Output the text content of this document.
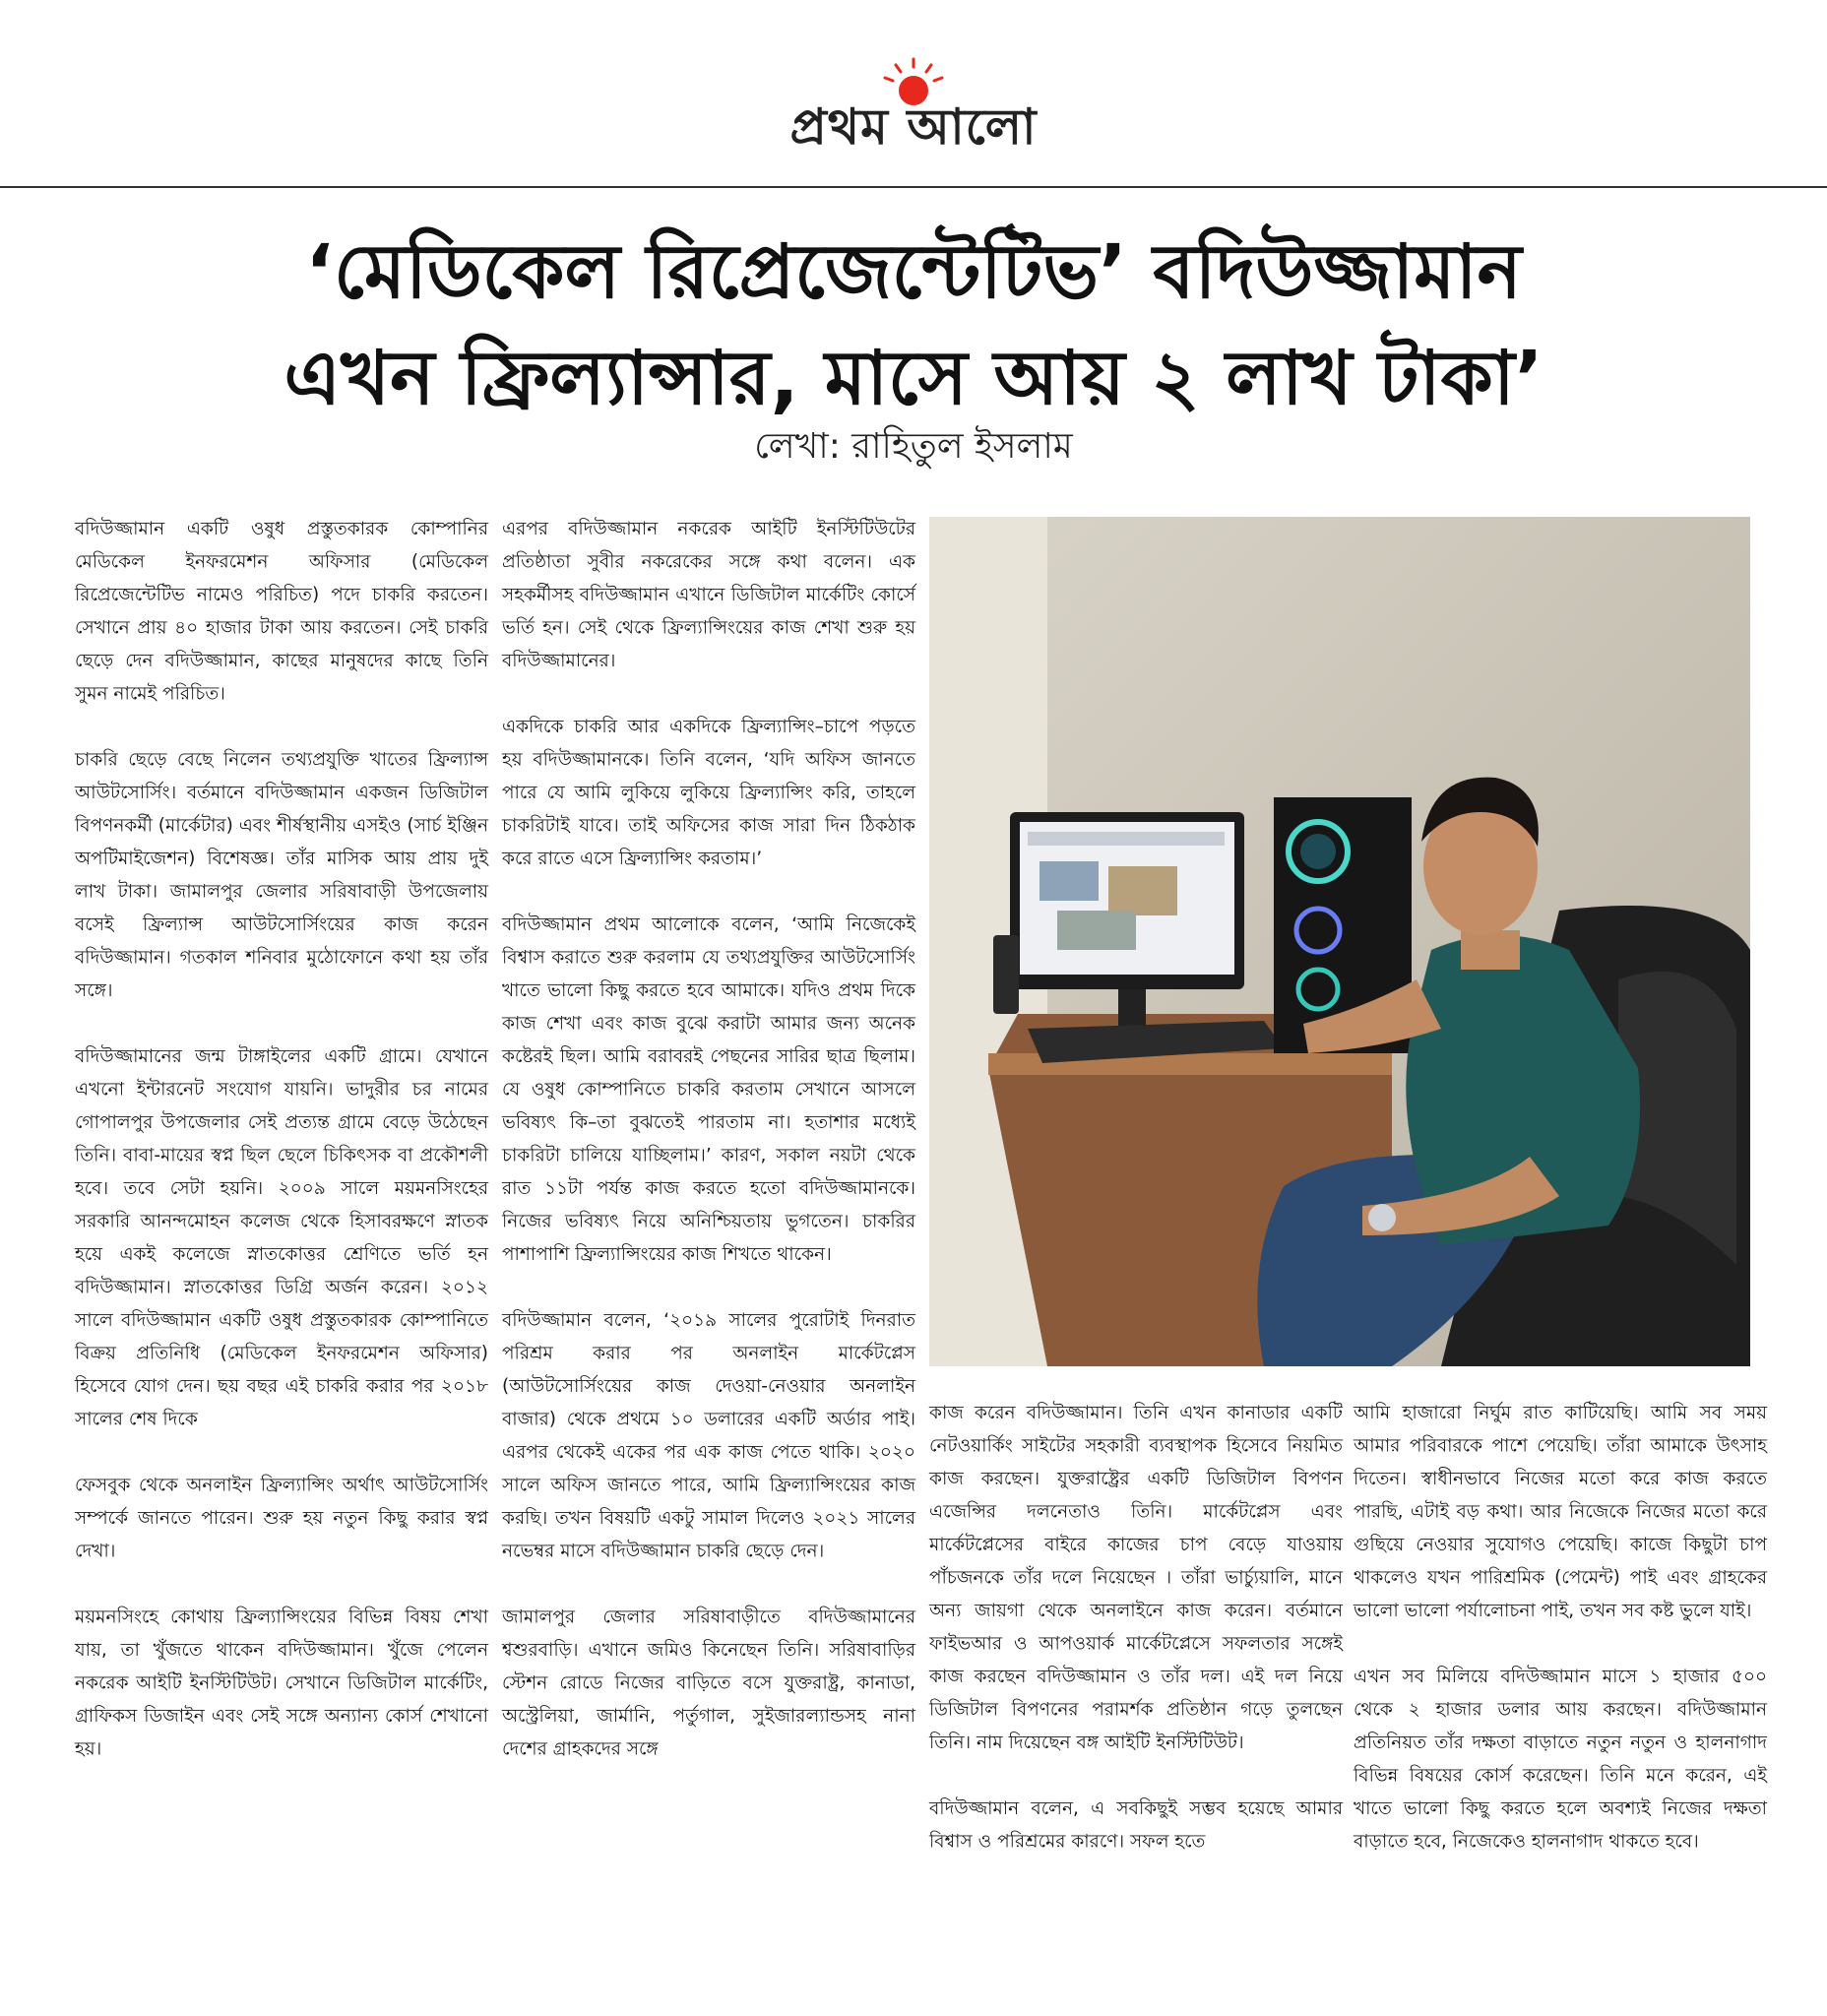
প্রথম আলো
‘মেডিকেল রিপ্রেজেন্টেটিভ’ বদিউজ্জামান
এখন ফ্রিল্যান্সার, মাসে আয় ২ লাখ টাকা’
লেখা: রাহিতুল ইসলাম

বদিউজ্জামান একটি ওষুধ প্রস্তুতকারক কোম্পানির মেডিকেল ইনফরমেশন অফিসার (মেডিকেল রিপ্রেজেন্টেটিভ নামেও পরিচিত) পদে চাকরি করতেন। সেখানে প্রায় ৪০ হাজার টাকা আয় করতেন। সেই চাকরি ছেড়ে দেন বদিউজ্জামান, কাছের মানুষদের কাছে তিনি সুমন নামেই পরিচিত।

চাকরি ছেড়ে বেছে নিলেন তথ্যপ্রযুক্তি খাতের ফ্রিল্যান্স আউটসোর্সিং। বর্তমানে বদিউজ্জামান একজন ডিজিটাল বিপণনকর্মী (মার্কেটার) এবং শীর্ষস্থানীয় এসইও (সার্চ ইঞ্জিন অপটিমাইজেশন) বিশেষজ্ঞ। তাঁর মাসিক আয় প্রায় দুই লাখ টাকা। জামালপুর জেলার সরিষাবাড়ী উপজেলায় বসেই ফ্রিল্যান্স আউটসোর্সিংয়ের কাজ করেন বদিউজ্জামান। গতকাল শনিবার মুঠোফোনে কথা হয় তাঁর সঙ্গে।

বদিউজ্জামানের জন্ম টাঙ্গাইলের একটি গ্রামে। যেখানে এখনো ইন্টারনেট সংযোগ যায়নি। ভাদুরীর চর নামের গোপালপুর উপজেলার সেই প্রত্যন্ত গ্রামে বেড়ে উঠেছেন তিনি। বাবা-মায়ের স্বপ্ন ছিল ছেলে চিকিৎসক বা প্রকৌশলী হবে। তবে সেটা হয়নি। ২০০৯ সালে ময়মনসিংহের সরকারি আনন্দমোহন কলেজ থেকে হিসাবরক্ষণে স্নাতক হয়ে একই কলেজে স্নাতকোত্তর শ্রেণিতে ভর্তি হন বদিউজ্জামান। স্নাতকোত্তর ডিগ্রি অর্জন করেন। ২০১২ সালে বদিউজ্জামান একটি ওষুধ প্রস্তুতকারক কোম্পানিতে বিক্রয় প্রতিনিধি (মেডিকেল ইনফরমেশন অফিসার) হিসেবে যোগ দেন। ছয় বছর এই চাকরি করার পর ২০১৮ সালের শেষ দিকে

ফেসবুক থেকে অনলাইন ফ্রিল্যান্সিং অর্থাৎ আউটসোর্সিং সম্পর্কে জানতে পারেন। শুরু হয় নতুন কিছু করার স্বপ্ন দেখা।

ময়মনসিংহে কোথায় ফ্রিল্যান্সিংয়ের বিভিন্ন বিষয় শেখা যায়, তা খুঁজতে থাকেন বদিউজ্জামান। খুঁজে পেলেন নকরেক আইটি ইনস্টিটিউট। সেখানে ডিজিটাল মার্কেটিং, গ্রাফিকস ডিজাইন এবং সেই সঙ্গে অন্যান্য কোর্স শেখানো হয়।

এরপর বদিউজ্জামান নকরেক আইটি ইনস্টিটিউটের প্রতিষ্ঠাতা সুবীর নকরেকের সঙ্গে কথা বলেন। এক সহকর্মীসহ বদিউজ্জামান এখানে ডিজিটাল মার্কেটিং কোর্সে ভর্তি হন। সেই থেকে ফ্রিল্যান্সিংয়ের কাজ শেখা শুরু হয় বদিউজ্জামানের।

একদিকে চাকরি আর একদিকে ফ্রিল্যান্সিং–চাপে পড়তে হয় বদিউজ্জামানকে। তিনি বলেন, ‘যদি অফিস জানতে পারে যে আমি লুকিয়ে লুকিয়ে ফ্রিল্যান্সিং করি, তাহলে চাকরিটাই যাবে। তাই অফিসের কাজ সারা দিন ঠিকঠাক করে রাতে এসে ফ্রিল্যান্সিং করতাম।’

বদিউজ্জামান প্রথম আলোকে বলেন, ‘আমি নিজেকেই বিশ্বাস করাতে শুরু করলাম যে তথ্যপ্রযুক্তির আউটসোর্সিং খাতে ভালো কিছু করতে হবে আমাকে। যদিও প্রথম দিকে কাজ শেখা এবং কাজ বুঝে করাটা আমার জন্য অনেক কষ্টেরই ছিল। আমি বরাবরই পেছনের সারির ছাত্র ছিলাম। যে ওষুধ কোম্পানিতে চাকরি করতাম সেখানে আসলে ভবিষ্যৎ কি–তা বুঝতেই পারতাম না। হতাশার মধ্যেই চাকরিটা চালিয়ে যাচ্ছিলাম।’ কারণ, সকাল নয়টা থেকে রাত ১১টা পর্যন্ত কাজ করতে হতো বদিউজ্জামানকে। নিজের ভবিষ্যৎ নিয়ে অনিশ্চিয়তায় ভুগতেন। চাকরির পাশাপাশি ফ্রিল্যান্সিংয়ের কাজ শিখতে থাকেন।

বদিউজ্জামান বলেন, ‘২০১৯ সালের পুরোটাই দিনরাত পরিশ্রম করার পর অনলাইন মার্কেটপ্লেস (আউটসোর্সিংয়ের কাজ দেওয়া-নেওয়ার অনলাইন বাজার) থেকে প্রথমে ১০ ডলারের একটি অর্ডার পাই। এরপর থেকেই একের পর এক কাজ পেতে থাকি। ২০২০ সালে অফিস জানতে পারে, আমি ফ্রিল্যান্সিংয়ের কাজ করছি। তখন বিষয়টি একটু সামাল দিলেও ২০২১ সালের নভেম্বর মাসে বদিউজ্জামান চাকরি ছেড়ে দেন।

জামালপুর জেলার সরিষাবাড়ীতে বদিউজ্জামানের শ্বশুরবাড়ি। এখানে জমিও কিনেছেন তিনি। সরিষাবাড়ির স্টেশন রোডে নিজের বাড়িতে বসে যুক্তরাষ্ট্র, কানাডা, অস্ট্রেলিয়া, জার্মানি, পর্তুগাল, সুইজারল্যান্ডসহ নানা দেশের গ্রাহকদের সঙ্গে

কাজ করেন বদিউজ্জামান। তিনি এখন কানাডার একটি নেটওয়ার্কিং সাইটের সহকারী ব্যবস্থাপক হিসেবে নিয়মিত কাজ করছেন। যুক্তরাষ্ট্রের একটি ডিজিটাল বিপণন এজেন্সির দলনেতাও তিনি। মার্কেটপ্লেস এবং মার্কেটপ্লেসের বাইরে কাজের চাপ বেড়ে যাওয়ায় পাঁচজনকে তাঁর দলে নিয়েছেন । তাঁরা ভার্চ্যুয়ালি, মানে অন্য জায়গা থেকে অনলাইনে কাজ করেন। বর্তমানে ফাইভআর ও আপওয়ার্ক মার্কেটপ্লেসে সফলতার সঙ্গেই কাজ করছেন বদিউজ্জামান ও তাঁর দল। এই দল নিয়ে ডিজিটাল বিপণনের পরামর্শক প্রতিষ্ঠান গড়ে তুলছেন তিনি। নাম দিয়েছেন বঙ্গ আইটি ইনস্টিটিউট।

বদিউজ্জামান বলেন, এ সবকিছুই সম্ভব হয়েছে আমার বিশ্বাস ও পরিশ্রমের কারণে। সফল হতে

আমি হাজারো নির্ঘুম রাত কাটিয়েছি। আমি সব সময় আমার পরিবারকে পাশে পেয়েছি। তাঁরা আমাকে উৎসাহ দিতেন। স্বাধীনভাবে নিজের মতো করে কাজ করতে পারছি, এটাই বড় কথা। আর নিজেকে নিজের মতো করে গুছিয়ে নেওয়ার সুযোগও পেয়েছি। কাজে কিছুটা চাপ থাকলেও যখন পারিশ্রমিক (পেমেন্ট) পাই এবং গ্রাহকের ভালো ভালো পর্যালোচনা পাই, তখন সব কষ্ট ভুলে যাই।

এখন সব মিলিয়ে বদিউজ্জামান মাসে ১ হাজার ৫০০ থেকে ২ হাজার ডলার আয় করছেন। বদিউজ্জামান প্রতিনিয়ত তাঁর দক্ষতা বাড়াতে নতুন নতুন ও হালনাগাদ বিভিন্ন বিষয়ের কোর্স করেছেন। তিনি মনে করেন, এই খাতে ভালো কিছু করতে হলে অবশ্যই নিজের দক্ষতা বাড়াতে হবে, নিজেকেও হালনাগাদ থাকতে হবে।
